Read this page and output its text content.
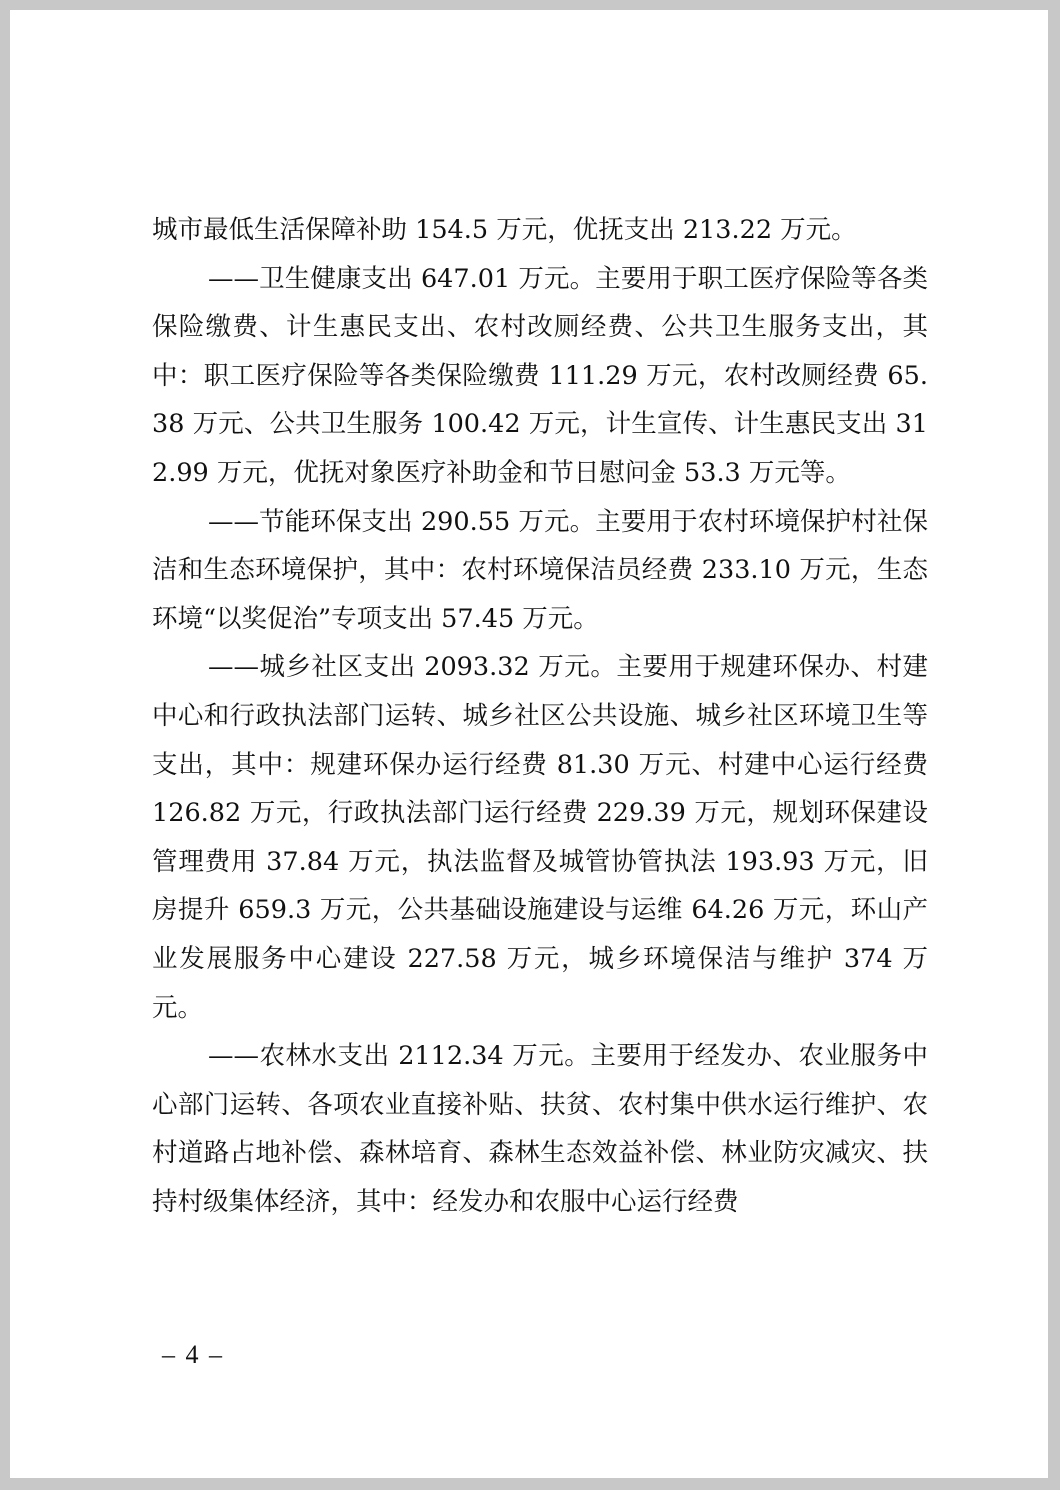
城市最低生活保障补助 154.5 万元，优抚支出 213.22 万元。

——卫生健康支出 647.01 万元。主要用于职工医疗保险等各类保险缴费、计生惠民支出、农村改厕经费、公共卫生服务支出，其中：职工医疗保险等各类保险缴费 111.29 万元，农村改厕经费 65.38 万元、公共卫生服务 100.42 万元，计生宣传、计生惠民支出 312.99 万元，优抚对象医疗补助金和节日慰问金 53.3 万元等。

——节能环保支出 290.55 万元。主要用于农村环境保护村社保洁和生态环境保护，其中：农村环境保洁员经费 233.10 万元，生态环境“以奖促治”专项支出 57.45 万元。

——城乡社区支出 2093.32 万元。主要用于规建环保办、村建中心和行政执法部门运转、城乡社区公共设施、城乡社区环境卫生等支出，其中：规建环保办运行经费 81.30 万元、村建中心运行经费 126.82 万元，行政执法部门运行经费 229.39 万元，规划环保建设管理费用 37.84 万元，执法监督及城管协管执法 193.93 万元，旧房提升 659.3 万元，公共基础设施建设与运维 64.26 万元，环山产业发展服务中心建设 227.58 万元，城乡环境保洁与维护 374 万元。

——农林水支出 2112.34 万元。主要用于经发办、农业服务中心部门运转、各项农业直接补贴、扶贫、农村集中供水运行维护、农村道路占地补偿、森林培育、森林生态效益补偿、林业防灾减灾、扶持村级集体经济，其中：经发办和农服中心运行经费

– 4 –
